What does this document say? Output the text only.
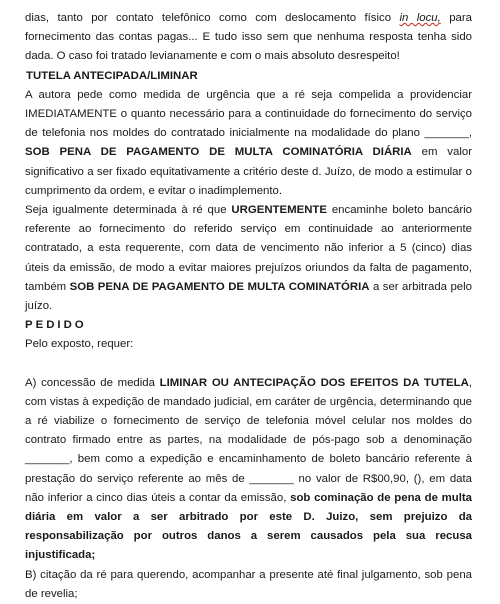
dias, tanto por contato telefônico como com deslocamento físico in locu, para fornecimento das contas pagas... E tudo isso sem que nenhuma resposta tenha sido dada. O caso foi tratado levianamente e com o mais absoluto desrespeito!

TUTELA ANTECIPADA/LIMINAR

A autora pede como medida de urgência que a ré seja compelida a providenciar IMEDIATAMENTE o quanto necessário para a continuidade do fornecimento do serviço de telefonia nos moldes do contratado inicialmente na modalidade do plano _______, SOB PENA DE PAGAMENTO DE MULTA COMINATÓRIA DIÁRIA em valor significativo a ser fixado equitativamente a critério deste d. Juízo, de modo a estimular o cumprimento da ordem, e evitar o inadimplemento.

Seja igualmente determinada à ré que URGENTEMENTE encaminhe boleto bancário referente ao fornecimento do referido serviço em continuidade ao anteriormente contratado, a esta requerente, com data de vencimento não inferior a 5 (cinco) dias úteis da emissão, de modo a evitar maiores prejuízos oriundos da falta de pagamento, também SOB PENA DE PAGAMENTO DE MULTA COMINATÓRIA a ser arbitrada pelo juízo.

PEDIDO

Pelo exposto, requer:

A) concessão de medida LIMINAR OU ANTECIPAÇÃO DOS EFEITOS DA TUTELA, com vistas à expedição de mandado judicial, em caráter de urgência, determinando que a ré viabilize o fornecimento de serviço de telefonia móvel celular nos moldes do contrato firmado entre as partes, na modalidade de pós-pago sob a denominação _______, bem como a expedição e encaminhamento de boleto bancário referente à prestação do serviço referente ao mês de _______ no valor de R$00,90, (), em data não inferior a cinco dias úteis a contar da emissão, sob cominação de pena de multa diária em valor a ser arbitrado por este D. Juizo, sem prejuizo da responsabilização por outros danos a serem causados pela sua recusa injustificada;

B) citação da ré para querendo, acompanhar a presente até final julgamento, sob pena de revelia;
